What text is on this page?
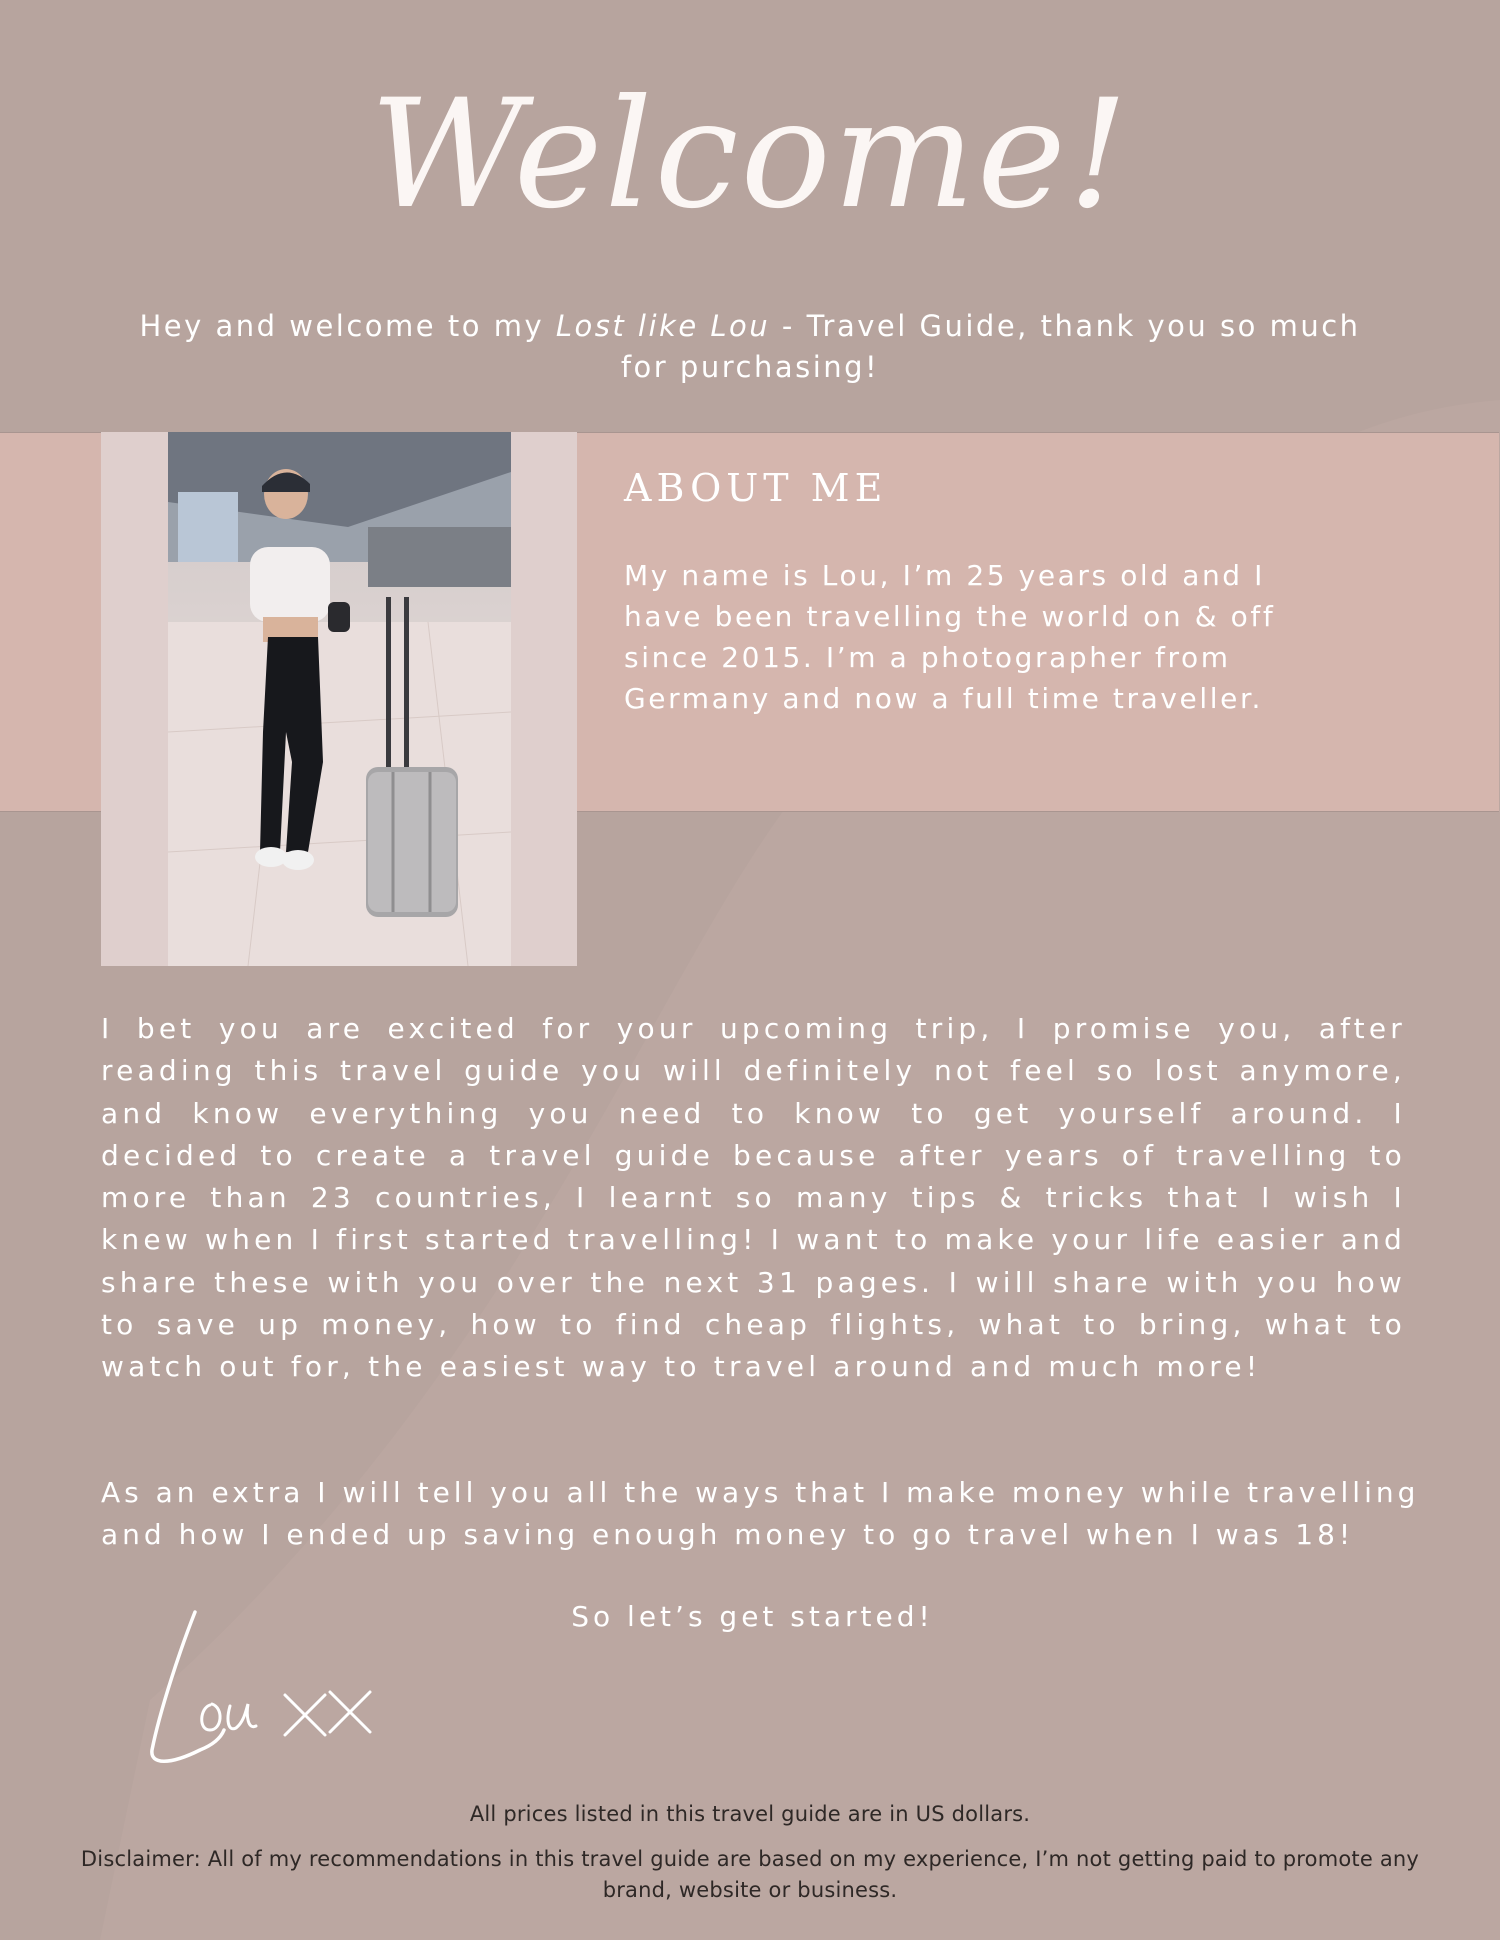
Welcome!
Hey and welcome to my Lost like Lou - Travel Guide, thank you so much for purchasing!
ABOUT ME
My name is Lou, I’m 25 years old and I have been travelling the world on & off since 2015. I’m a photographer from Germany and now a full time traveller.
I bet you are excited for your upcoming trip, I promise you, after reading this travel guide you will definitely not feel so lost anymore, and know everything you need to know to get yourself around. I decided to create a travel guide because after years of travelling to more than 23 countries, I learnt so many tips & tricks that I wish I knew when I first started travelling! I want to make your life easier and share these with you over the next 31 pages. I will share with you how to save up money, how to find cheap flights, what to bring, what to watch out for, the easiest way to travel around and much more!
As an extra I will tell you all the ways that I make money while travelling and how I ended up saving enough money to go travel when I was 18!
So let’s get started!
All prices listed in this travel guide are in US dollars.
Disclaimer: All of my recommendations in this travel guide are based on my experience, I’m not getting paid to promote any brand, website or business.
